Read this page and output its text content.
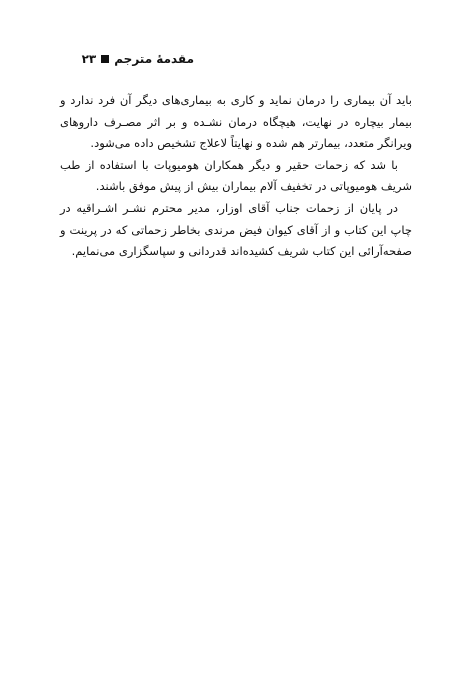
مقدمهٔ مترجم
۲۳

باید آن بیماری را درمان نماید و کاری به بیماری‌های دیگر آن فرد ندارد و بیمار بیچاره در نهایت، هیچگاه درمان نشـده و بر اثر مصـرف داروهای ویرانگر متعدد، بیمارتر هم شده و نهایتاً لاعلاج تشخیص داده می‌شود.

با شد که زحمات حقیر و دیگر همکاران هومیوپات با استفاده از طب شریف هومیوپاتی در تخفیف آلام بیماران بیش از پیش موفق باشند.

در پایان از زحمات جناب آقای اوزار، مدیر محترم نشـر اشـراقیه در چاپ این کتاب و از آقای کیوان فیض مرندی بخاطر زحماتی که در پرینت و صفحه‌آرائی این کتاب شریف کشیده‌اند قدردانی و سپاسگزاری می‌نمایم.
